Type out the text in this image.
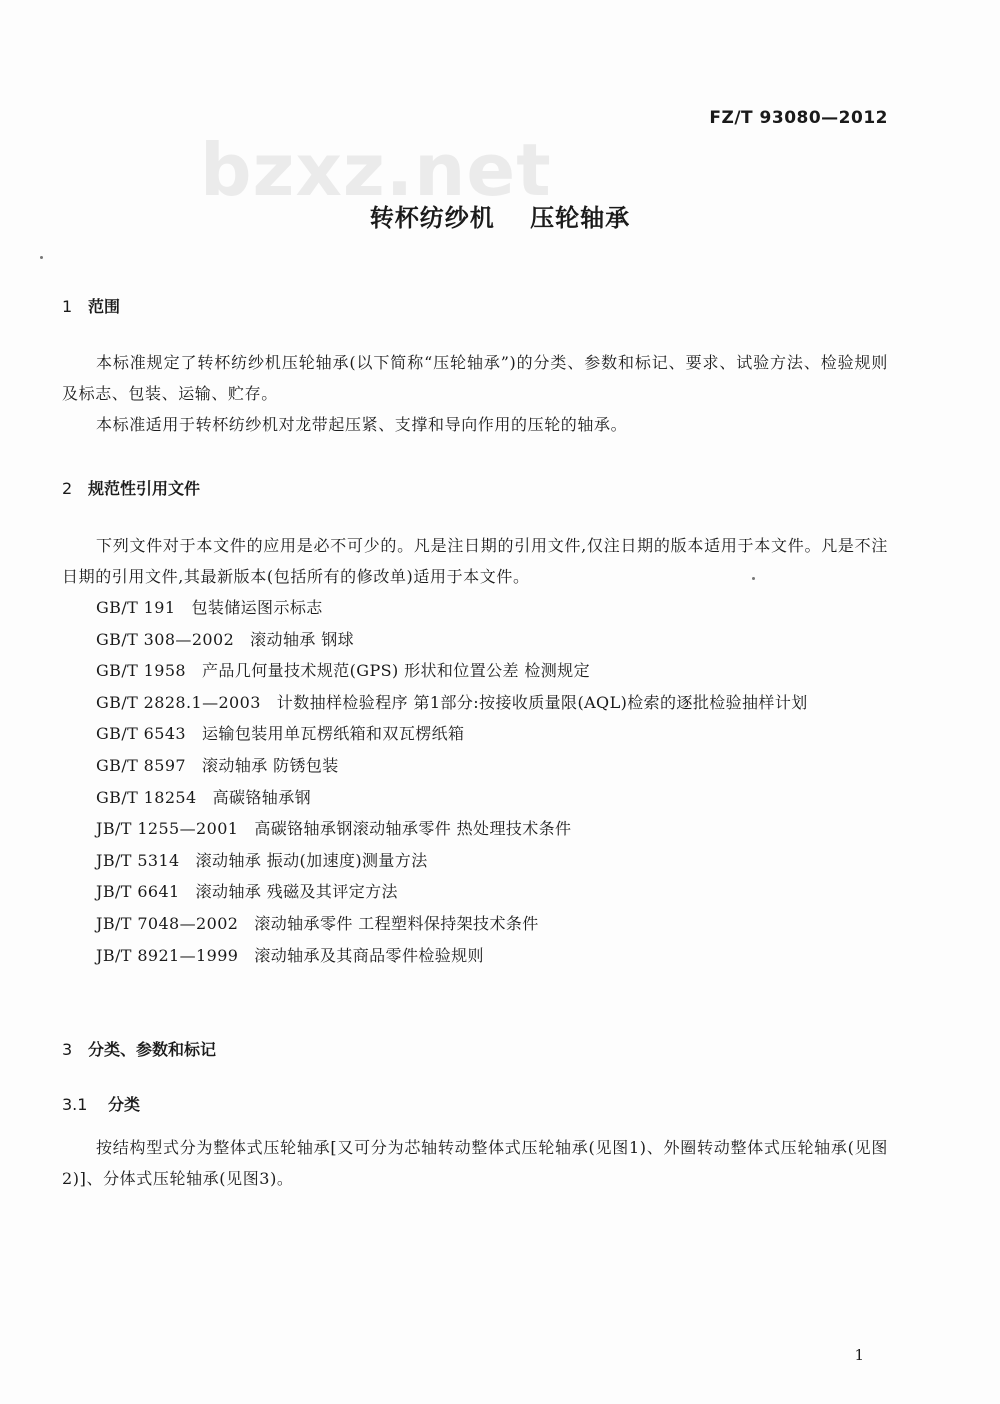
bzxz.net
FZ/T 93080—2012
转杯纺纱机 压轮轴承
1 范围
本标准规定了转杯纺纱机压轮轴承(以下简称“压轮轴承”)的分类、参数和标记、要求、试验方法、检验规则及标志、包装、运输、贮存。
本标准适用于转杯纺纱机对龙带起压紧、支撑和导向作用的压轮的轴承。
2 规范性引用文件
下列文件对于本文件的应用是必不可少的。凡是注日期的引用文件,仅注日期的版本适用于本文件。凡是不注日期的引用文件,其最新版本(包括所有的修改单)适用于本文件。
GB/T 191 包装储运图示标志
GB/T 308—2002 滚动轴承 钢球
GB/T 1958 产品几何量技术规范(GPS) 形状和位置公差 检测规定
GB/T 2828.1—2003 计数抽样检验程序 第1部分:按接收质量限(AQL)检索的逐批检验抽样计划
GB/T 6543 运输包装用单瓦楞纸箱和双瓦楞纸箱
GB/T 8597 滚动轴承 防锈包装
GB/T 18254 高碳铬轴承钢
JB/T 1255—2001 高碳铬轴承钢滚动轴承零件 热处理技术条件
JB/T 5314 滚动轴承 振动(加速度)测量方法
JB/T 6641 滚动轴承 残磁及其评定方法
JB/T 7048—2002 滚动轴承零件 工程塑料保持架技术条件
JB/T 8921—1999 滚动轴承及其商品零件检验规则
3 分类、参数和标记
3.1 分类
按结构型式分为整体式压轮轴承[又可分为芯轴转动整体式压轮轴承(见图1)、外圈转动整体式压轮轴承(见图2)]、分体式压轮轴承(见图3)。
1
